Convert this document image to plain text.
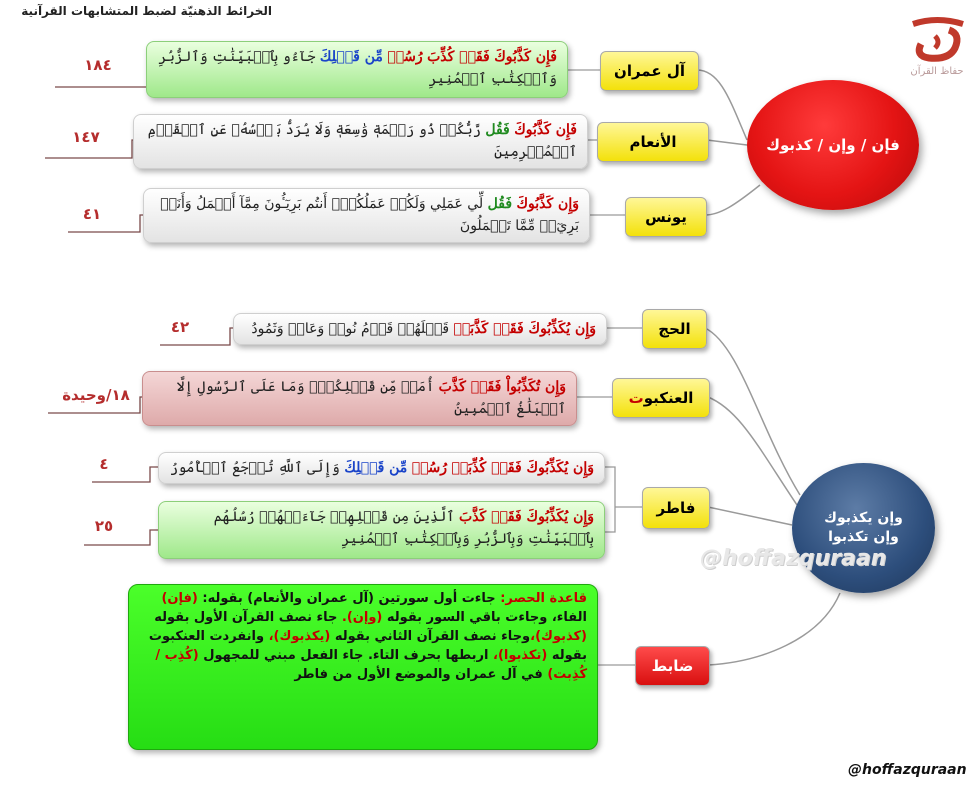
الخرائط الذهنيّة لضبط المتشابهات القرآنية
حفاظ القرآن
فإن / وإن / كذبوك
وإن يكذبوك
وإن تكذبوا
آل عمران
الأنعام
يونس
الحج
العنكبو
ت
فاطر
ضابط
فَإِن كَذَّبُوكَ فَقَدۡ كُذِّبَ رُسُلٞ مِّن قَبۡلِكَ جَآءُو بِٱلۡبَيِّنَٰتِ وَٱلزُّبُرِ وَٱلۡكِتَٰبِ ٱلۡمُنِيرِ
فَإِن كَذَّبُوكَ فَقُل رَّبُّكُمۡ ذُو رَحۡمَةٖ وَٰسِعَةٖ وَلَا يُرَدُّ بَأۡسُهُۥ عَنِ ٱلۡقَوۡمِ ٱلۡمُجۡرِمِينَ
وَإِن كَذَّبُوكَ فَقُل لِّي عَمَلِي وَلَكُمۡ عَمَلُكُمۡۖ أَنتُم بَرِيٓـُٔونَ مِمَّآ أَعۡمَلُ وَأَنَا۠ بَرِيٓءٞ مِّمَّا تَعۡمَلُونَ
وَإِن يُكَذِّبُوكَ فَقَدۡ كَذَّبَتۡ قَبۡلَهُمۡ قَوۡمُ نُوحٖ وَعَادٞ وَثَمُودُ
وَإِن تُكَذِّبُواْ فَقَدۡ كَذَّبَ أُمَمٞ مِّن قَبۡلِكُمۡۖ وَمَا عَلَى ٱلرَّسُولِ إِلَّا ٱلۡبَلَٰغُ ٱلۡمُبِينُ
وَإِن يُكَذِّبُوكَ فَقَدۡ كُذِّبَتۡ رُسُلٞ مِّن قَبۡلِكَ وَإِلَى ٱللَّهِ تُرۡجَعُ ٱلۡأُمُورُ
وَإِن يُكَذِّبُوكَ فَقَدۡ كَذَّبَ ٱلَّذِينَ مِن قَبۡلِهِمۡ جَآءَتۡهُمۡ رُسُلُهُم بِٱلۡبَيِّنَٰتِ وَبِٱلزُّبُرِ وَبِٱلۡكِتَٰبِ ٱلۡمُنِيرِ
١٨٤
١٤٧
٤١
٤٢
١٨/وحيدة
٤
٢٥
قاعدة الحصر: جاءت أول سورتين (آل عمران والأنعام) بقوله: (فإن) الفاء، وجاءت باقي السور بقوله (وإن). جاء نصف القرآن الأول بقوله (كذبوك)،وجاء نصف القرآن الثاني بقوله (يكذبوك)، وانفردت العنكبوت بقوله (تكذبوا)، اربطها بحرف التاء. جاء الفعل مبني للمجهول (كُذِب / كُذِبت) في آل عمران والموضع الأول من فاطر
@hoffazquraan
@hoffazquraan
